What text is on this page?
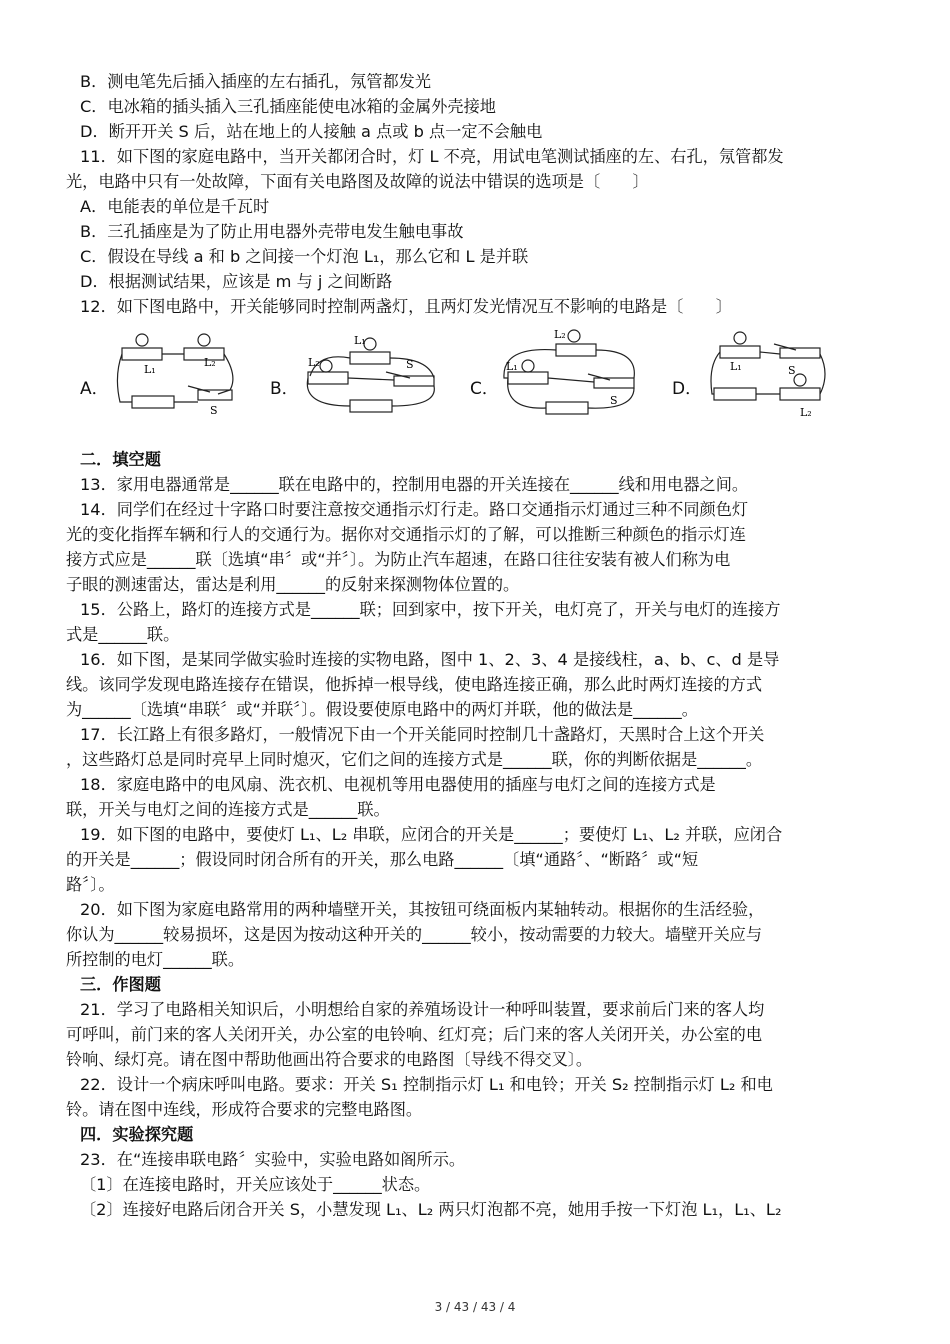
B．测电笔先后插入插座的左右插孔，氖管都发光
C．电冰箱的插头插入三孔插座能使电冰箱的金属外壳接地
D．断开开关 S 后，站在地上的人接触 a 点或 b 点一定不会触电
11．如下图的家庭电路中，当开关都闭合时，灯 L 不亮，用试电笔测试插座的左、右孔，氖管都发
光，电路中只有一处故障，下面有关电路图及故障的说法中错误的选项是〔　　〕
A．电能表的单位是千瓦时
B．三孔插座是为了防止用电器外壳带电发生触电事故
C．假设在导线 a 和 b 之间接一个灯泡 L₁，那么它和 L 是并联
D．根据测试结果，应该是 m 与 j 之间断路
12．如下图电路中，开关能够同时控制两盏灯，且两灯发光情况互不影响的电路是〔　　〕
A．	B．	C．	D．
L₁
L₂
S
L₁
L₂	S
L₂
L₁
S
L₁	S
L₂
二．填空题
13．家用电器通常是______联在电路中的，控制用电器的开关连接在______线和用电器之间。
14．同学们在经过十字路口时要注意按交通指示灯行走。路口交通指示灯通过三种不同颜色灯
光的变化指挥车辆和行人的交通行为。据你对交通指示灯的了解，可以推断三种颜色的指示灯连
接方式应是______联〔选填“串〞或“并〞〕。为防止汽车超速，在路口往往安装有被人们称为电
子眼的测速雷达，雷达是利用______的反射来探测物体位置的。
15．公路上，路灯的连接方式是______联；回到家中，按下开关，电灯亮了，开关与电灯的连接方
式是______联。
16．如下图，是某同学做实验时连接的实物电路，图中 1、2、3、4 是接线柱，a、b、c、d 是导
线。该同学发现电路连接存在错误，他拆掉一根导线，使电路连接正确，那么此时两灯连接的方式
为______〔选填“串联〞或“并联〞〕。假设要使原电路中的两灯并联，他的做法是______。
17．长江路上有很多路灯，一般情况下由一个开关能同时控制几十盏路灯，天黑时合上这个开关
，这些路灯总是同时亮早上同时熄灭，它们之间的连接方式是______联，你的判断依据是______。
18．家庭电路中的电风扇、洗衣机、电视机等用电器使用的插座与电灯之间的连接方式是
联，开关与电灯之间的连接方式是______联。
19．如下图的电路中，要使灯 L₁、L₂ 串联，应闭合的开关是______；要使灯 L₁、L₂ 并联，应闭合
的开关是______；假设同时闭合所有的开关，那么电路______〔填“通路〞、“断路〞或“短
路〞〕。
20．如下图为家庭电路常用的两种墙壁开关，其按钮可绕面板内某轴转动。根据你的生活经验，
你认为______较易损坏，这是因为按动这种开关的______较小，按动需要的力较大。墙壁开关应与
所控制的电灯______联。
三．作图题
21．学习了电路相关知识后，小明想给自家的养殖场设计一种呼叫装置，要求前后门来的客人均
可呼叫，前门来的客人关闭开关，办公室的电铃响、红灯亮；后门来的客人关闭开关，办公室的电
铃响、绿灯亮。请在图中帮助他画出符合要求的电路图〔导线不得交叉〕。
22．设计一个病床呼叫电路。要求：开关 S₁ 控制指示灯 L₁ 和电铃；开关 S₂ 控制指示灯 L₂ 和电
铃。请在图中连线，形成符合要求的完整电路图。
四．实验探究题
23．在“连接串联电路〞实验中，实验电路如阁所示。
〔1〕在连接电路时，开关应该处于______状态。
〔2〕连接好电路后闭合开关 S，小慧发现 L₁、L₂ 两只灯泡都不亮，她用手按一下灯泡 L₁，L₁、L₂
3 / 43 / 43 / 4
